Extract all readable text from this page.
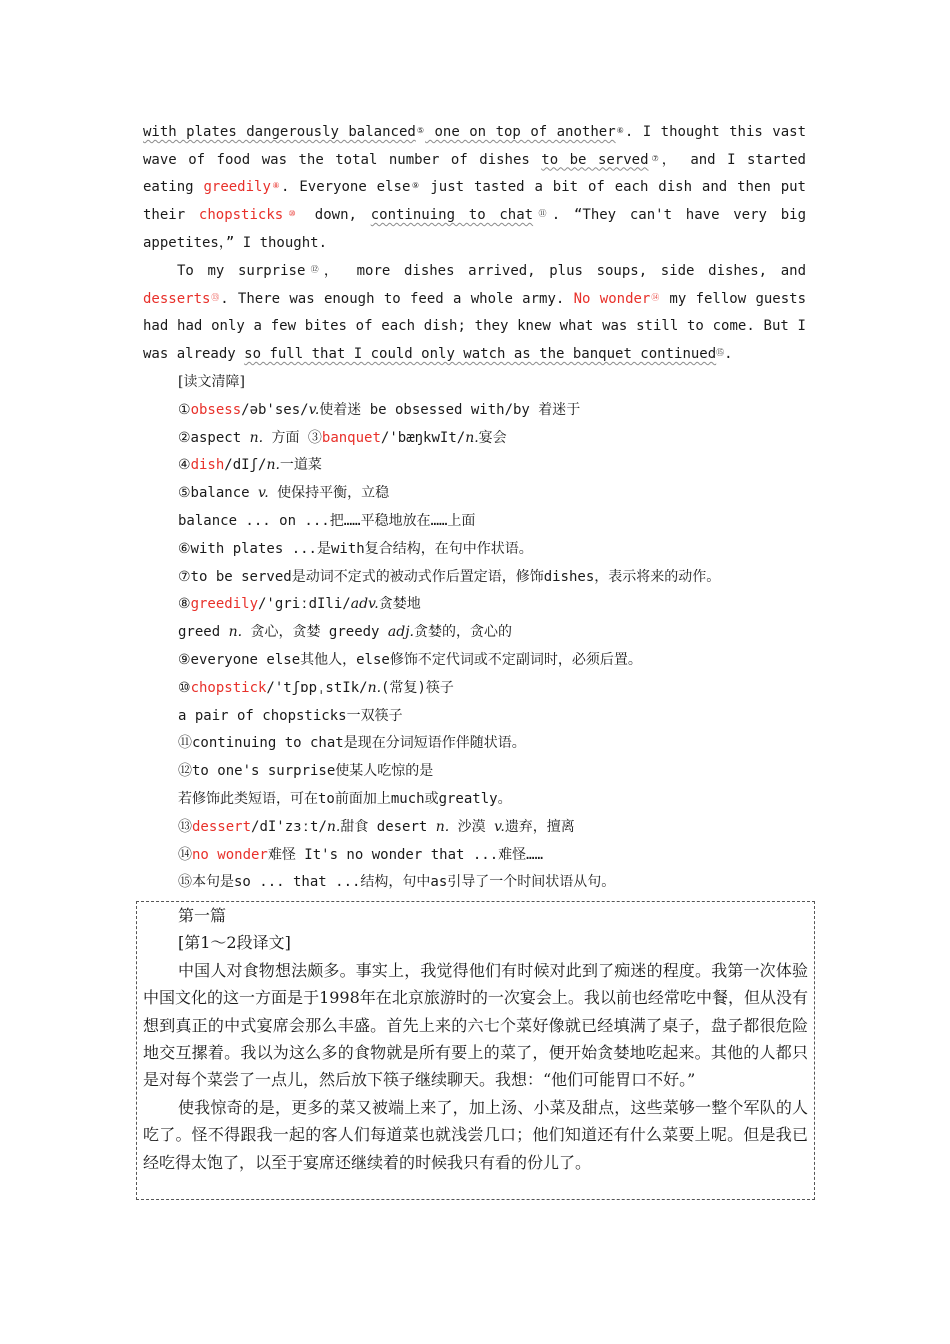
with plates dangerously balanced⑤ one on top of another⑥. I thought this vast wave of food was the total number of dishes to be served⑦， and I started eating greedily⑧. Everyone else⑨ just tasted a bit of each dish and then put their chopsticks⑩ down, continuing to chat⑪. “They can't have very big appetites，” I thought.
To my surprise⑫， more dishes arrived, plus soups, side dishes, and desserts⑬. There was enough to feed a whole army. No wonder⑭ my fellow guests had had only a few bites of each dish; they knew what was still to come. But I was already so full that I could only watch as the banquet continued⑮.
[读文清障]
①obsess/əb'ses/v.使着迷 be obsessed with/by 着迷于
②aspect n. 方面 ③banquet/'bæŋkwIt/n.宴会
④dish/dIʃ/n.一道菜
⑤balance v. 使保持平衡，立稳
balance ... on ...把……平稳地放在……上面
⑥with plates ...是with复合结构，在句中作状语。
⑦to be served是动词不定式的被动式作后置定语，修饰dishes，表示将来的动作。
⑧greedily/'griːdIli/adv.贪婪地
greed n. 贪心，贪婪 greedy adj.贪婪的，贪心的
⑨everyone else其他人，else修饰不定代词或不定副词时，必须后置。
⑩chopstick/'tʃɒpˌstIk/n.(常复)筷子
a pair of chopsticks一双筷子
⑪continuing to chat是现在分词短语作伴随状语。
⑫to one's surprise使某人吃惊的是
若修饰此类短语，可在to前面加上much或greatly。
⑬dessert/dI'zɜːt/n.甜食 desert n. 沙漠 v.遗弃，擅离
⑭no wonder难怪 It's no wonder that ...难怪……
⑮本句是so ... that ...结构，句中as引导了一个时间状语从句。
第一篇
[第1～2段译文]
中国人对食物想法颇多。事实上，我觉得他们有时候对此到了痴迷的程度。我第一次体验中国文化的这一方面是于1998年在北京旅游时的一次宴会上。我以前也经常吃中餐，但从没有想到真正的中式宴席会那么丰盛。首先上来的六七个菜好像就已经填满了桌子，盘子都很危险地交互摞着。我以为这么多的食物就是所有要上的菜了，便开始贪婪地吃起来。其他的人都只是对每个菜尝了一点儿，然后放下筷子继续聊天。我想：“他们可能胃口不好。”
使我惊奇的是，更多的菜又被端上来了，加上汤、小菜及甜点，这些菜够一整个军队的人吃了。怪不得跟我一起的客人们每道菜也就浅尝几口；他们知道还有什么菜要上呢。但是我已经吃得太饱了，以至于宴席还继续着的时候我只有看的份儿了。
